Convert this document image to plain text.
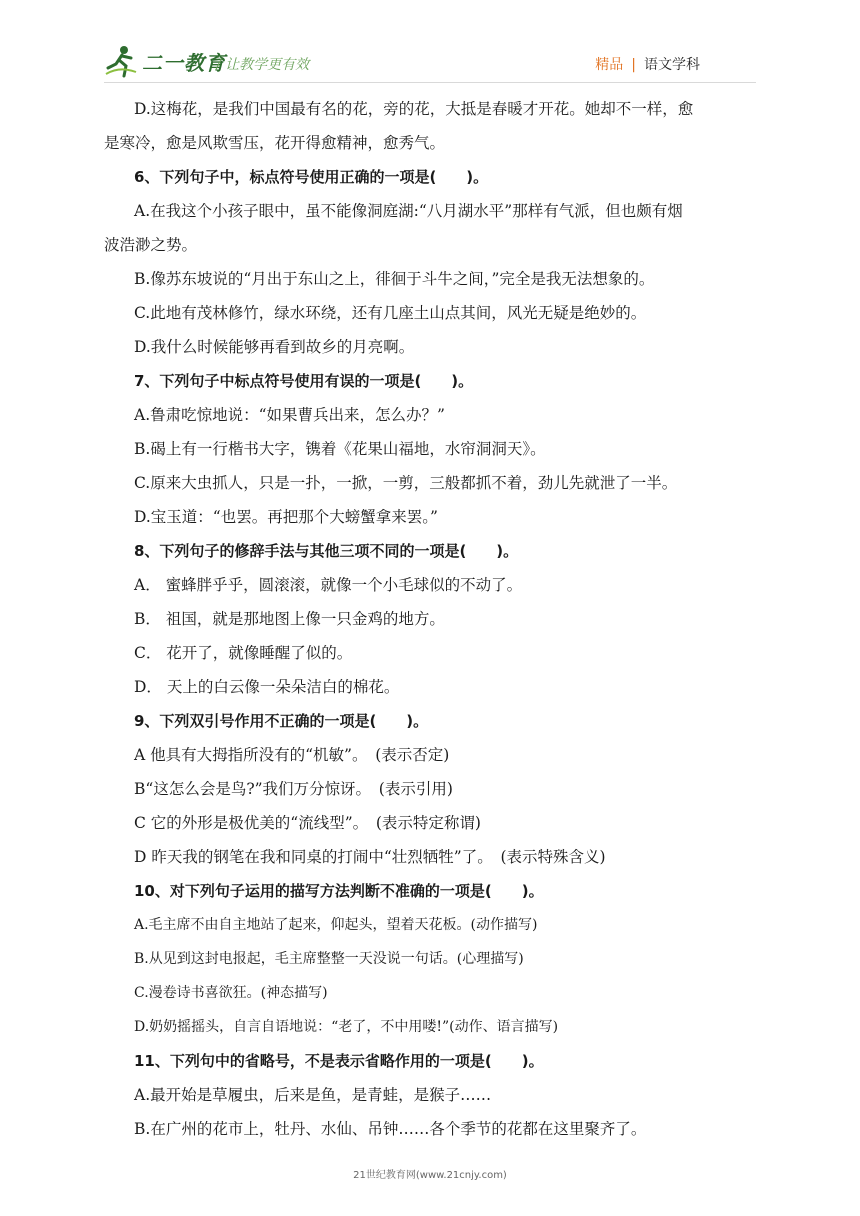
二一教育
/ 让教学更有效	精品 | 语文学科
D.这梅花，是我们中国最有名的花，旁的花，大抵是春暖才开花。她却不一样，愈
是寒冷，愈是风欺雪压，花开得愈精神，愈秀气。
6、下列句子中，标点符号使用正确的一项是(　　)。
A.在我这个小孩子眼中，虽不能像洞庭湖:“八月湖水平”那样有气派，但也颇有烟
波浩渺之势。
B.像苏东坡说的“月出于东山之上，徘徊于斗牛之间，”完全是我无法想象的。
C.此地有茂林修竹，绿水环绕，还有几座土山点其间，风光无疑是绝妙的。
D.我什么时候能够再看到故乡的月亮啊。
7、下列句子中标点符号使用有误的一项是(　　)。
A.鲁肃吃惊地说：“如果曹兵出来，怎么办？”
B.碣上有一行楷书大字，镌着《花果山福地，水帘洞洞天》。
C.原来大虫抓人，只是一扑，一掀，一剪，三般都抓不着，劲儿先就泄了一半。
D.宝玉道：“也罢。再把那个大螃蟹拿来罢。”
8、下列句子的修辞手法与其他三项不同的一项是(　　)。
A． 蜜蜂胖乎乎，圆滚滚，就像一个小毛球似的不动了。
B． 祖国，就是那地图上像一只金鸡的地方。
C． 花开了，就像睡醒了似的。
D． 天上的白云像一朵朵洁白的棉花。
9、下列双引号作用不正确的一项是(　　)。
A 他具有大拇指所没有的“机敏”。　(表示否定)
B“这怎么会是鸟?”我们万分惊讶。　(表示引用)
C 它的外形是极优美的“流线型”。　(表示特定称谓)
D 昨天我的钢笔在我和同桌的打闹中“壮烈牺牲”了。　(表示特殊含义)
10、对下列句子运用的描写方法判断不准确的一项是(　　)。
A.毛主席不由自主地站了起来，仰起头，望着天花板。(动作描写)
B.从见到这封电报起，毛主席整整一天没说一句话。(心理描写)
C.漫卷诗书喜欲狂。(神态描写)
D.奶奶摇摇头，自言自语地说：“老了，不中用喽!”(动作、语言描写)
11、下列句中的省略号，不是表示省略作用的一项是(　　)。
A.最开始是草履虫，后来是鱼，是青蛙，是猴子……
B.在广州的花市上，牡丹、水仙、吊钟……各个季节的花都在这里聚齐了。
21世纪教育网(www.21cnjy.com)
